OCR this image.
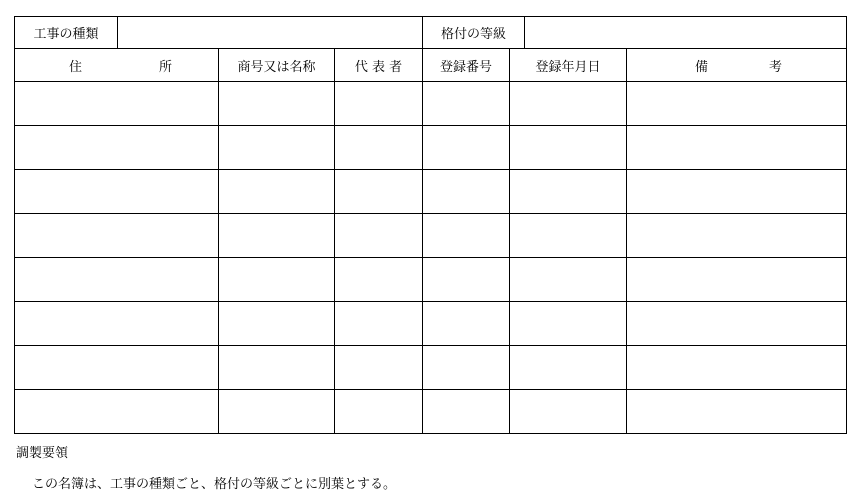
工事の種類		格付の等級	
住 所	商号又は名称	代 表 者	登録番号	登録年月日	備 考

調製要領

この名簿は、工事の種類ごと、格付の等級ごとに別葉とする。
